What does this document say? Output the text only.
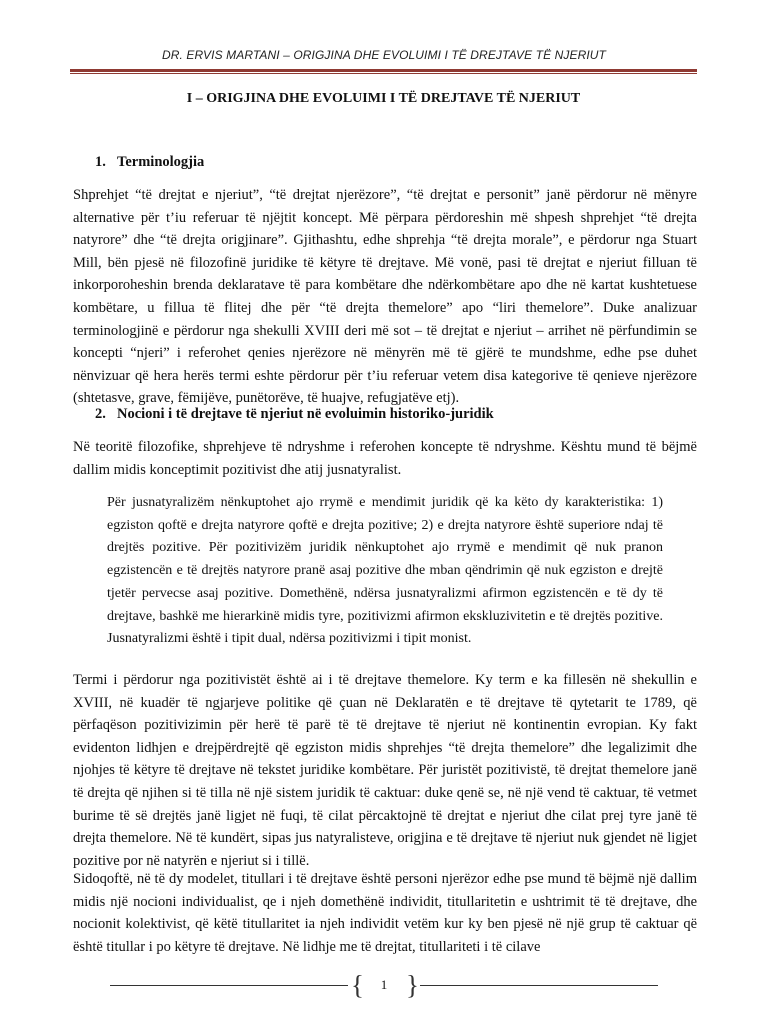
DR. ERVIS MARTANI – ORIGJINA DHE EVOLUIMI I TË DREJTAVE TË NJERIUT
I – ORIGJINA DHE EVOLUIMI I TË DREJTAVE TË NJERIUT
1. Terminologjia

Shprehjet “të drejtat e njeriut”, “të drejtat njerëzore”, “të drejtat e personit” janë përdorur në mënyre alternative për t’iu referuar të njëjtit koncept. Më përpara përdoreshin më shpesh shprehjet “të drejta natyrore” dhe “të drejta origjinare”. Gjithashtu, edhe shprehja “të drejta morale”, e përdorur nga Stuart Mill, bën pjesë në filozofinë juridike të këtyre të drejtave. Më vonë, pasi të drejtat e njeriut filluan të inkorporoheshin brenda deklaratave të para kombëtare dhe ndërkombëtare apo dhe në kartat kushtetuese kombëtare, u fillua të flitej dhe për “të drejta themelore” apo “liri themelore”. Duke analizuar terminologjinë e përdorur nga shekulli XVIII deri më sot – të drejtat e njeriut – arrihet në përfundimin se koncepti “njeri” i referohet qenies njerëzore në mënyrën më të gjërë te mundshme, edhe pse duhet nënvizuar që hera herës termi eshte përdorur për t’iu referuar vetem disa kategorive të qenieve njerëzore (shtetasve, grave, fëmijëve, punëtorëve, të huajve, refugjatëve etj).

2. Nocioni i të drejtave të njeriut në evoluimin historiko-juridik

Në teoritë filozofike, shprehjeve të ndryshme i referohen koncepte të ndryshme. Kështu mund të bëjmë dallim midis konceptimit pozitivist dhe atij jusnatyralist.

Për jusnatyralizëm nënkuptohet ajo rrymë e mendimit juridik që ka këto dy karakteristika: 1) egziston qoftë e drejta natyrore qoftë e drejta pozitive; 2) e drejta natyrore është superiore ndaj të drejtës pozitive. Për pozitivizëm juridik nënkuptohet ajo rrymë e mendimit që nuk pranon egzistencën e të drejtës natyrore pranë asaj pozitive dhe mban qëndrimin që nuk egziston e drejtë tjetër pervecse asaj pozitive. Domethënë, ndërsa jusnatyralizmi afirmon egzistencën e të dy të drejtave, bashkë me hierarkinë midis tyre, pozitivizmi afirmon ekskluzivitetin e të drejtës pozitive. Jusnatyralizmi është i tipit dual, ndërsa pozitivizmi i tipit monist.

Termi i përdorur nga pozitivistët është ai i të drejtave themelore. Ky term e ka fillesën në shekullin e XVIII, në kuadër të ngjarjeve politike që çuan në Deklaratën e të drejtave të qytetarit te 1789, që përfaqëson pozitivizimin për herë të parë të të drejtave të njeriut në kontinentin evropian. Ky fakt evidenton lidhjen e drejpërdrejtë që egziston midis shprehjes “të drejta themelore” dhe legalizimit dhe njohjes të këtyre të drejtave në tekstet juridike kombëtare. Për juristët pozitivistë, të drejtat themelore janë të drejta që njihen si të tilla në një sistem juridik të caktuar: duke qenë se, në një vend të caktuar, të vetmet burime të së drejtës janë ligjet në fuqi, të cilat përcaktojnë të drejtat e njeriut dhe cilat prej tyre janë të drejta themelore. Në të kundërt, sipas jus natyralisteve, origjina e të drejtave të njeriut nuk gjendet në ligjet pozitive por në natyrën e njeriut si i tillë.

Sidoqoftë, në të dy modelet, titullari i të drejtave është personi njerëzor edhe pse mund të bëjmë një dallim midis një nocioni individualist, qe i njeh domethënë individit, titullaritetin e ushtrimit të të drejtave, dhe nocionit kolektivist, që këtë titullaritet ia njeh individit vetëm kur ky ben pjesë në një grup të caktuar që është titullar i po këtyre të drejtave. Në lidhje me të drejtat, titullariteti i të cilave

{ }
1
